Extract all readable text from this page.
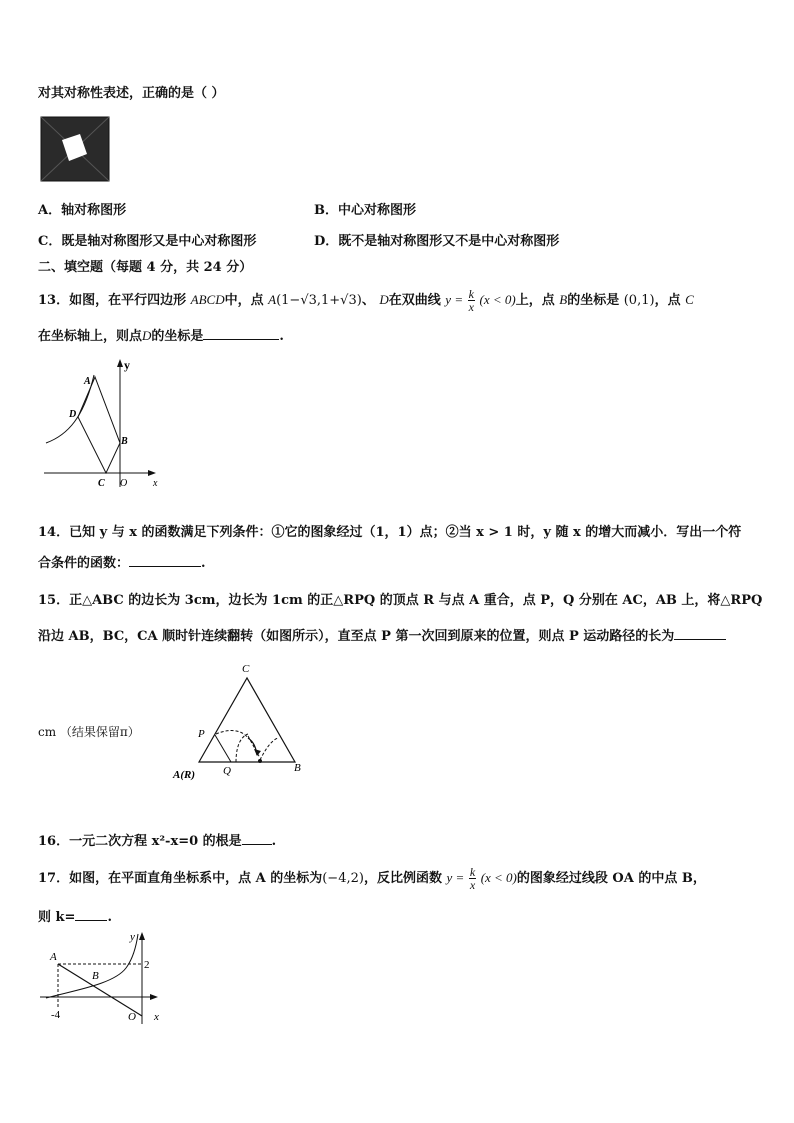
对其对称性表述，正确的是（ ）
A．轴对称图形	B．中心对称图形
C．既是轴对称图形又是中心对称图形	D．既不是轴对称图形又不是中心对称图形
二、填空题（每题 4 分，共 24 分）
13．如图，在平行四边形 ABCD中，点 A(1−√3,1+√3)、 D在双曲线 $y = \frac{k}{x} (x < 0)$上，点 B的坐标是 (0,1)，点 C
在坐标轴上，则点D的坐标是	.
y
x
A
D
B
C O
14．已知 y 与 x 的函数满足下列条件：①它的图象经过（1，1）点；②当 x > 1 时，y 随 x 的增大而减小．写出一个符
合条件的函数：	.
15．正△ABC 的边长为 3cm，边长为 1cm 的正△RPQ 的顶点 R 与点 A 重合，点 P，Q 分别在 AC，AB 上，将△RPQ
沿边 AB，BC，CA 顺时针连续翻转（如图所示），直至点 P 第一次回到原来的位置，则点 P 运动路径的长为
cm （结果保留π）
C
P
A(R)	Q	B
16．一元二次方程 x²-x=0 的根是 .
17．如图，在平面直角坐标系中，点 A 的坐标为(−4,2)，反比例函数 $y = \frac{k}{x} (x < 0)$的图象经过线段 OA 的中点 B，
则 k= .
y
x
A
B
O
2
-4
